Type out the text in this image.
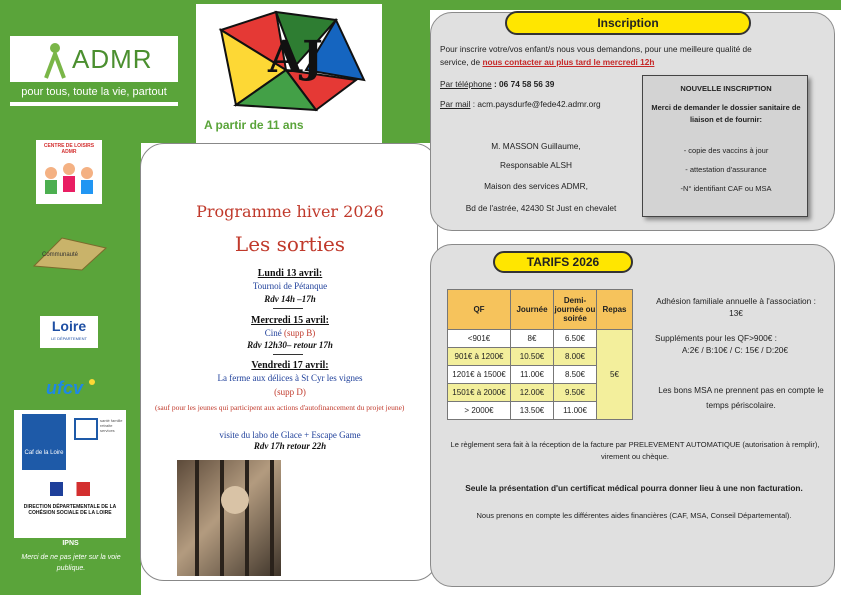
ADMR
pour tous, toute la vie, partout
AJ
A partir de 11 ans
CENTRE DE LOISIRS ADMR
Communauté
Loire
LE DÉPARTEMENT
ufcv
Caf de la Loire
santé famille retraite services
DIRECTION DÉPARTEMENTALE DE LA COHÉSION SOCIALE DE LA LOIRE
IPNS
Merci de ne pas jeter sur la voie publique.
Programme hiver 2026
Les sorties
Lundi 13 avril:
Tournoi de Pétanque
Rdv 14h –17h
Mercredi 15 avril:
Ciné (supp B)
Rdv 12h30– retour 17h
Vendredi 17 avril:
La ferme aux délices à St Cyr les vignes
(supp D)
(sauf pour les jeunes qui participent aux actions d'autofinancement du projet jeune)
visite du labo de Glace + Escape Game
Rdv 17h retour 22h
Inscription
Pour inscrire votre/vos enfant/s nous vous demandons, pour une meilleure qualité de service, de nous contacter au plus tard le mercredi 12h
Par téléphone : 06 74 58 56 39
Par mail : acm.paysdurfe@fede42.admr.org
M. MASSON Guillaume,
Responsable ALSH
Maison des services ADMR,
Bd de l'astrée, 42430 St Just en chevalet
NOUVELLE INSCRIPTION
Merci de demander le dossier sanitaire de liaison et de fournir:
- copie des vaccins à jour
- attestation d'assurance
-N° identifiant CAF ou MSA
TARIFS 2026
QF	Journée	Demi-journée ou soirée	Repas
<901€	8€	6.50€	5€
901€ à 1200€	10.50€	8.00€	
1201€ à 1500€	11.00€	8.50€	
1501€ à 2000€	12.00€	9.50€	
> 2000€	13.50€	11.00€	
Adhésion familiale annuelle à l'association : 13€
Suppléments pour les QF>900€ :
A:2€ / B:10€ / C: 15€ / D:20€
Les bons MSA ne prennent pas en compte le temps périscolaire.
Le règlement sera fait à la réception de la facture par PRELEVEMENT AUTOMATIQUE (autorisation à remplir), virement ou chèque.
Seule la présentation d'un certificat médical pourra donner lieu à une non facturation.
Nous prenons en compte les différentes aides financières (CAF, MSA, Conseil Départemental).
